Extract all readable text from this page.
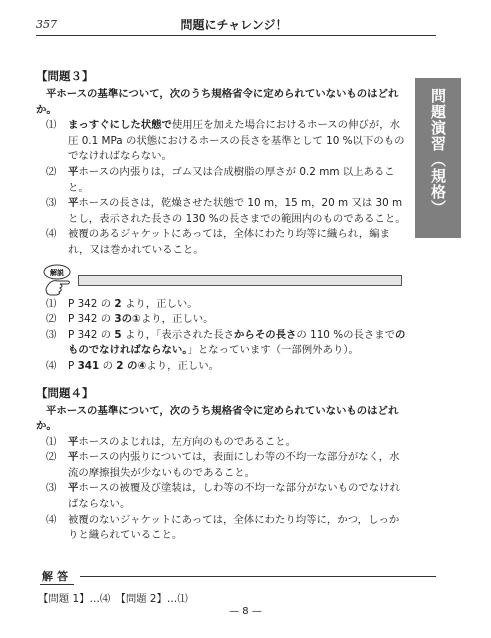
357	問題にチャレンジ！
問題演習（規格）
【問題３】
平ホースの基準について，次のうち規格省令に定められていないものはどれか。
⑴	まっすぐにした状態で使用圧を加えた場合におけるホースの伸びが，水圧 0.1 MPa の状態におけるホースの長さを基準として 10 %以下のものでなければならない。
⑵	平ホースの内張りは，ゴム又は合成樹脂の厚さが 0.2 mm 以上あること。
⑶	平ホースの長さは，乾燥させた状態で 10 m，15 m，20 m 又は 30 m とし，表示された長さの 130 %の長さまでの範囲内のものであること。
⑷	被覆のあるジャケットにあっては，全体にわたり均等に織られ，編まれ，又は巻かれていること。
解説
⑴	P 342 の 2 より，正しい。
⑵	P 342 の 3の①より，正しい。
⑶	P 342 の 5 より，「表示された長さからその長さの 110 %の長さまでのものでなければならない。」となっています（一部例外あり）。
⑷	P 341 の 2 の④より，正しい。
【問題４】
平ホースの基準について，次のうち規格省令に定められていないものはどれか。
⑴	平ホースのよじれは，左方向のものであること。
⑵	平ホースの内張りについては，表面にしわ等の不均一な部分がなく，水流の摩擦損失が少ないものであること。
⑶	平ホースの被覆及び塗装は，しわ等の不均一な部分がないものでなければならない。
⑷	被覆のないジャケットにあっては，全体にわたり均等に，かつ，しっかりと織られていること。
解答
【問題 1】…⑷　【問題 2】…⑴
— 8 —
